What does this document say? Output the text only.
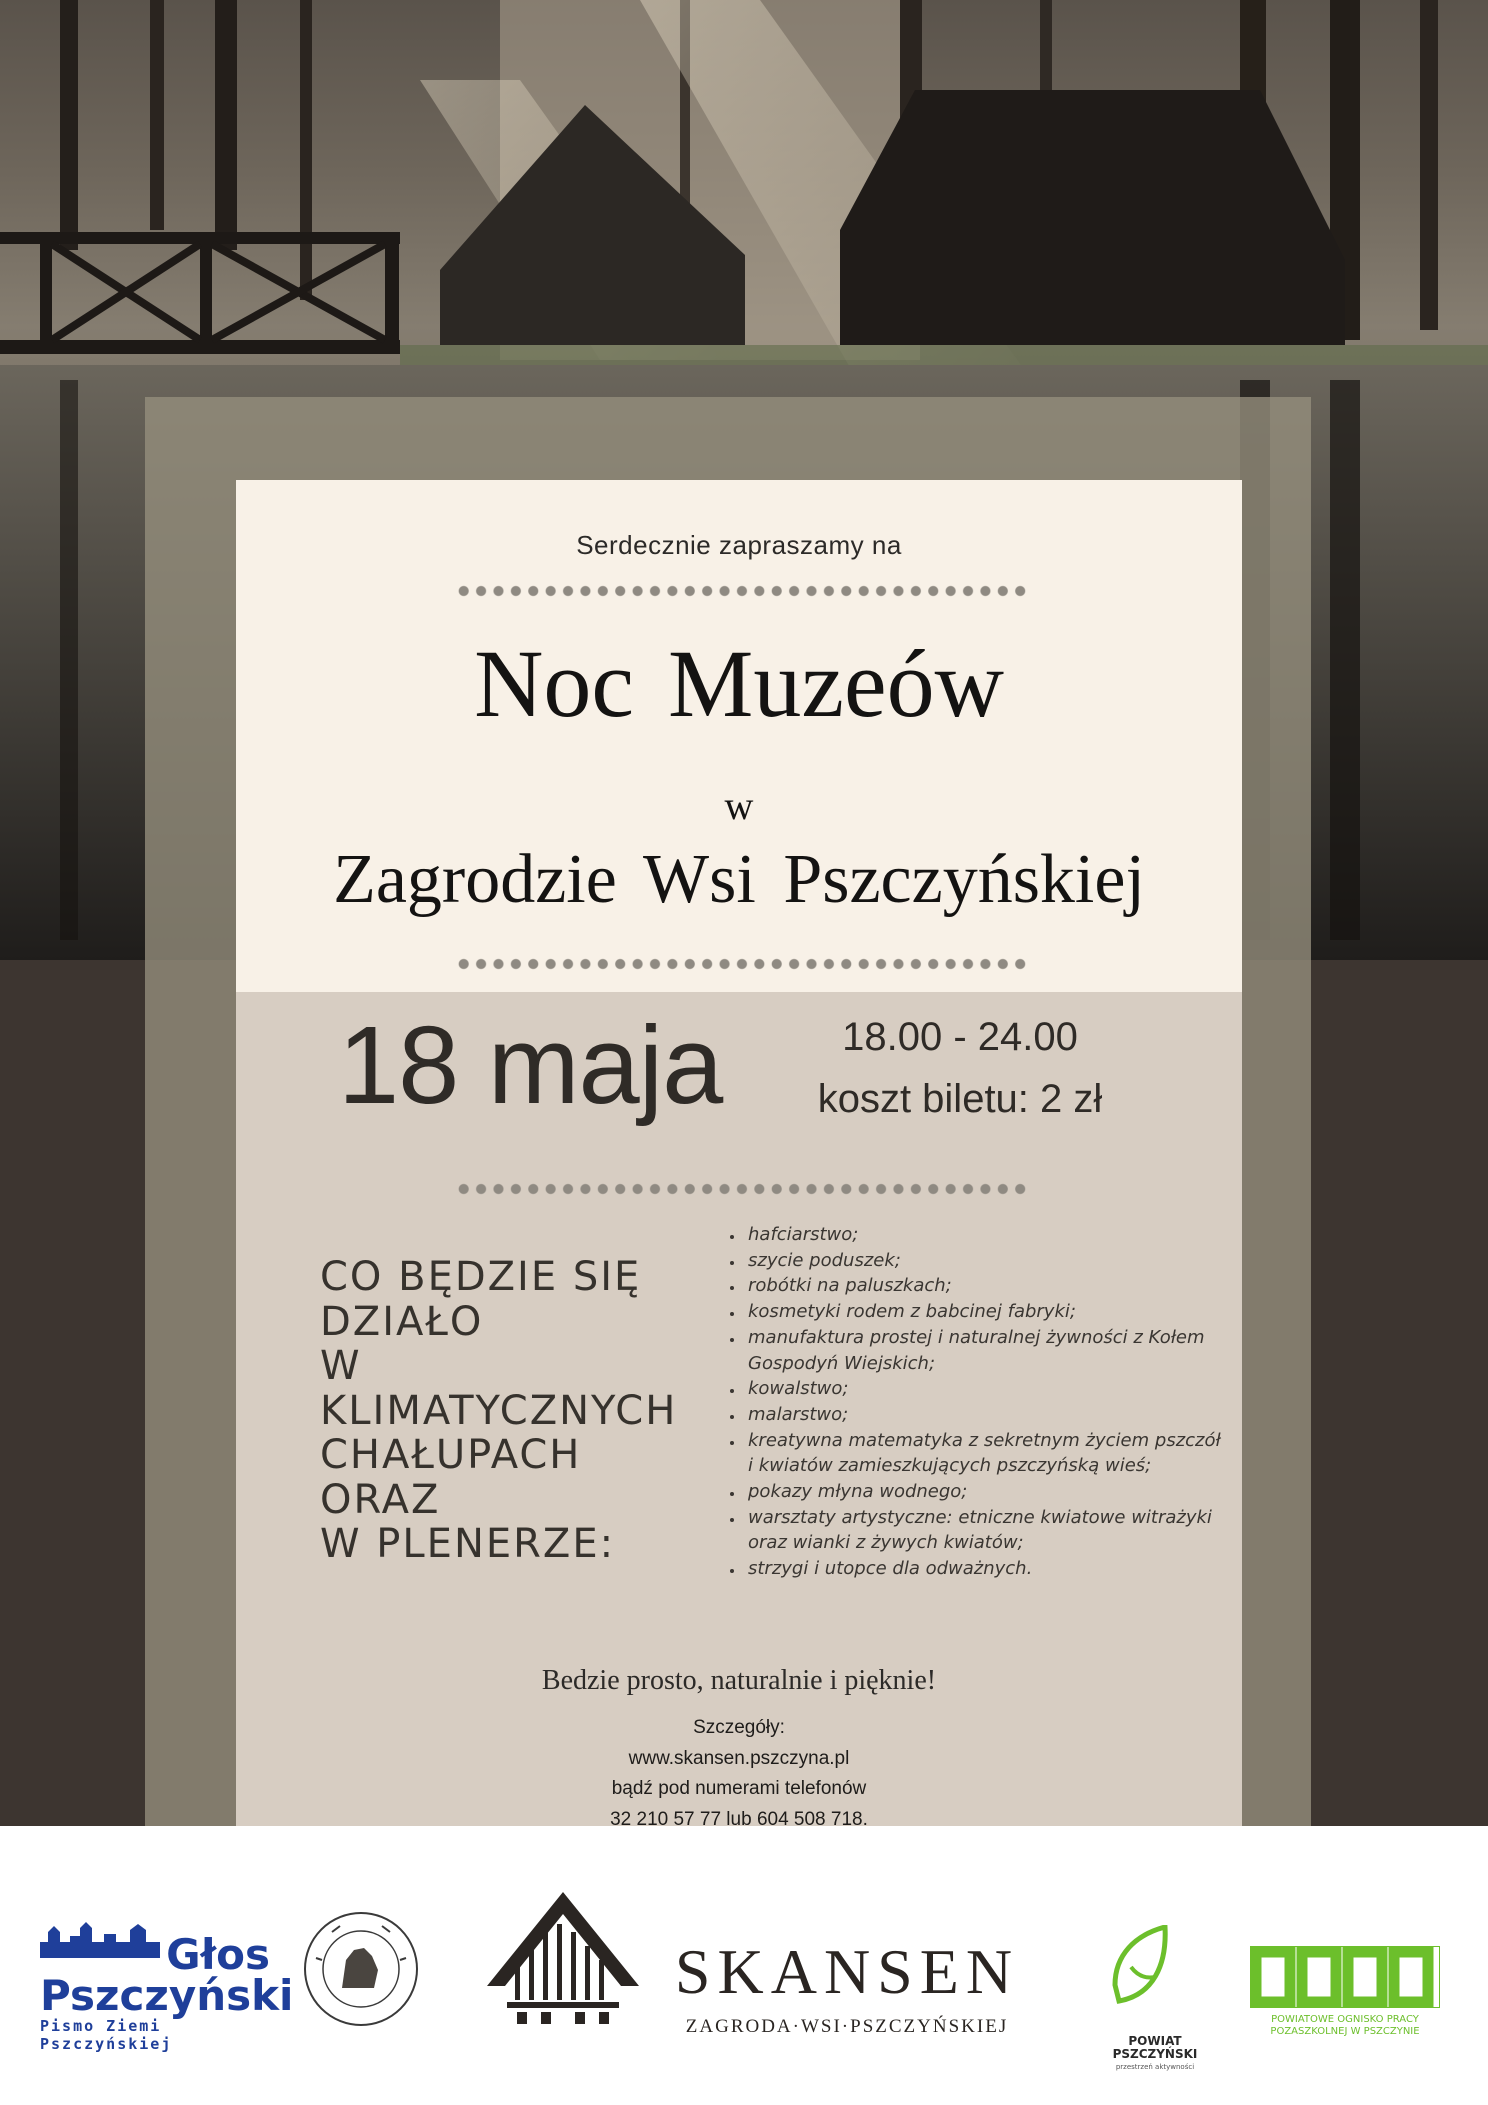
Serdecznie zapraszamy na
Noc Muzeów
w
Zagrodzie Wsi Pszczyńskiej
18 maja	18.00 - 24.00
koszt biletu: 2 zł
CO BĘDZIE SIĘ
DZIAŁO
W
KLIMATYCZNYCH
CHAŁUPACH
ORAZ
W PLENERZE:
• hafciarstwo;
• szycie poduszek;
• robótki na paluszkach;
• kosmetyki rodem z babcinej fabryki;
• manufaktura prostej i naturalnej żywności z Kołem Gospodyń Wiejskich;
• kowalstwo;
• malarstwo;
• kreatywna matematyka z sekretnym życiem pszczół i kwiatów zamieszkujących pszczyńską wieś;
• pokazy młyna wodnego;
• warsztaty artystyczne: etniczne kwiatowe witrażyki oraz wianki z żywych kwiatów;
• strzygi i utopce dla odważnych.
Bedzie prosto, naturalnie i pięknie!
Szczegóły:
www.skansen.pszczyna.pl
bądź pod numerami telefonów
32 210 57 77 lub 604 508 718.
Głos
Pszczyński
Pismo Ziemi Pszczyńskiej
SKANSEN
ZAGRODA·WSI·PSZCZYŃSKIEJ
POWIAT
PSZCZYŃSKI
przestrzeń aktywności
POWIATOWE OGNISKO PRACY
POZASZKOLNEJ W PSZCZYNIE
